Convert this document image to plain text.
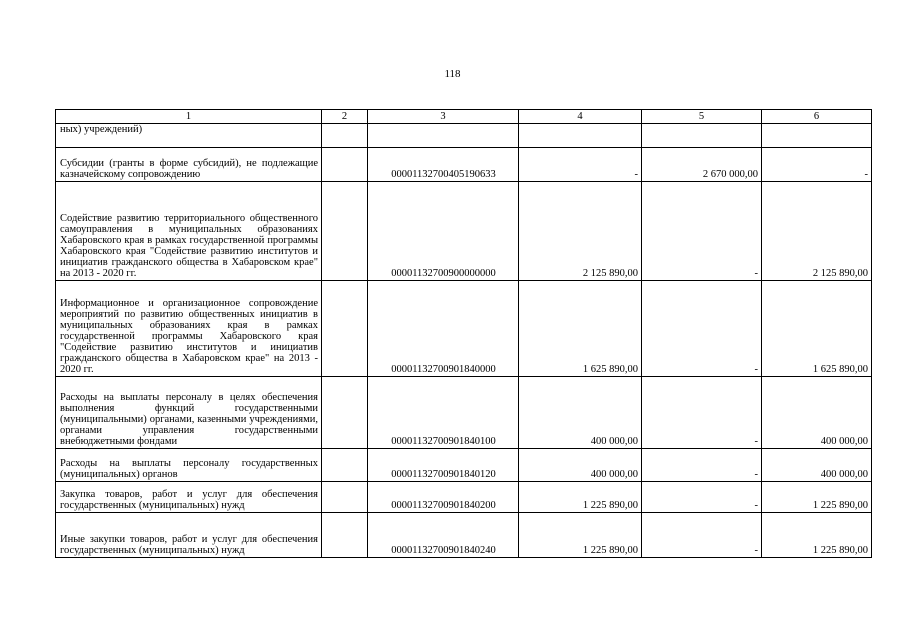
118
1	2	3	4	5	6
ных) учреждений)					
Субсидии (гранты в форме субсидий), не подлежащие казначейскому сопровождению		00001132700405190633	-	2 670 000,00	-
Содействие развитию территориального общественного самоуправления в муниципальных образованиях Хабаровского края в рамках государственной программы Хабаровского края "Содействие развитию институтов и инициатив гражданского общества в Хабаровском крае" на 2013 - 2020 гг.		00001132700900000000	2 125 890,00	-	2 125 890,00
Информационное и организационное сопровождение мероприятий по развитию общественных инициатив в муниципальных образованиях края в рамках государственной программы Хабаровского края "Содействие развитию институтов и инициатив гражданского общества в Хабаровском крае" на 2013 - 2020 гг.		00001132700901840000	1 625 890,00	-	1 625 890,00
Расходы на выплаты персоналу в целях обеспечения выполнения функций государственными (муниципальными) органами, казенными учреждениями, органами управления государственными внебюджетными фондами		00001132700901840100	400 000,00	-	400 000,00
Расходы на выплаты персоналу государственных (муниципальных) органов		00001132700901840120	400 000,00	-	400 000,00
Закупка товаров, работ и услуг для обеспечения государственных (муниципальных) нужд		00001132700901840200	1 225 890,00	-	1 225 890,00
Иные закупки товаров, работ и услуг для обеспечения государственных (муниципальных) нужд		00001132700901840240	1 225 890,00	-	1 225 890,00
